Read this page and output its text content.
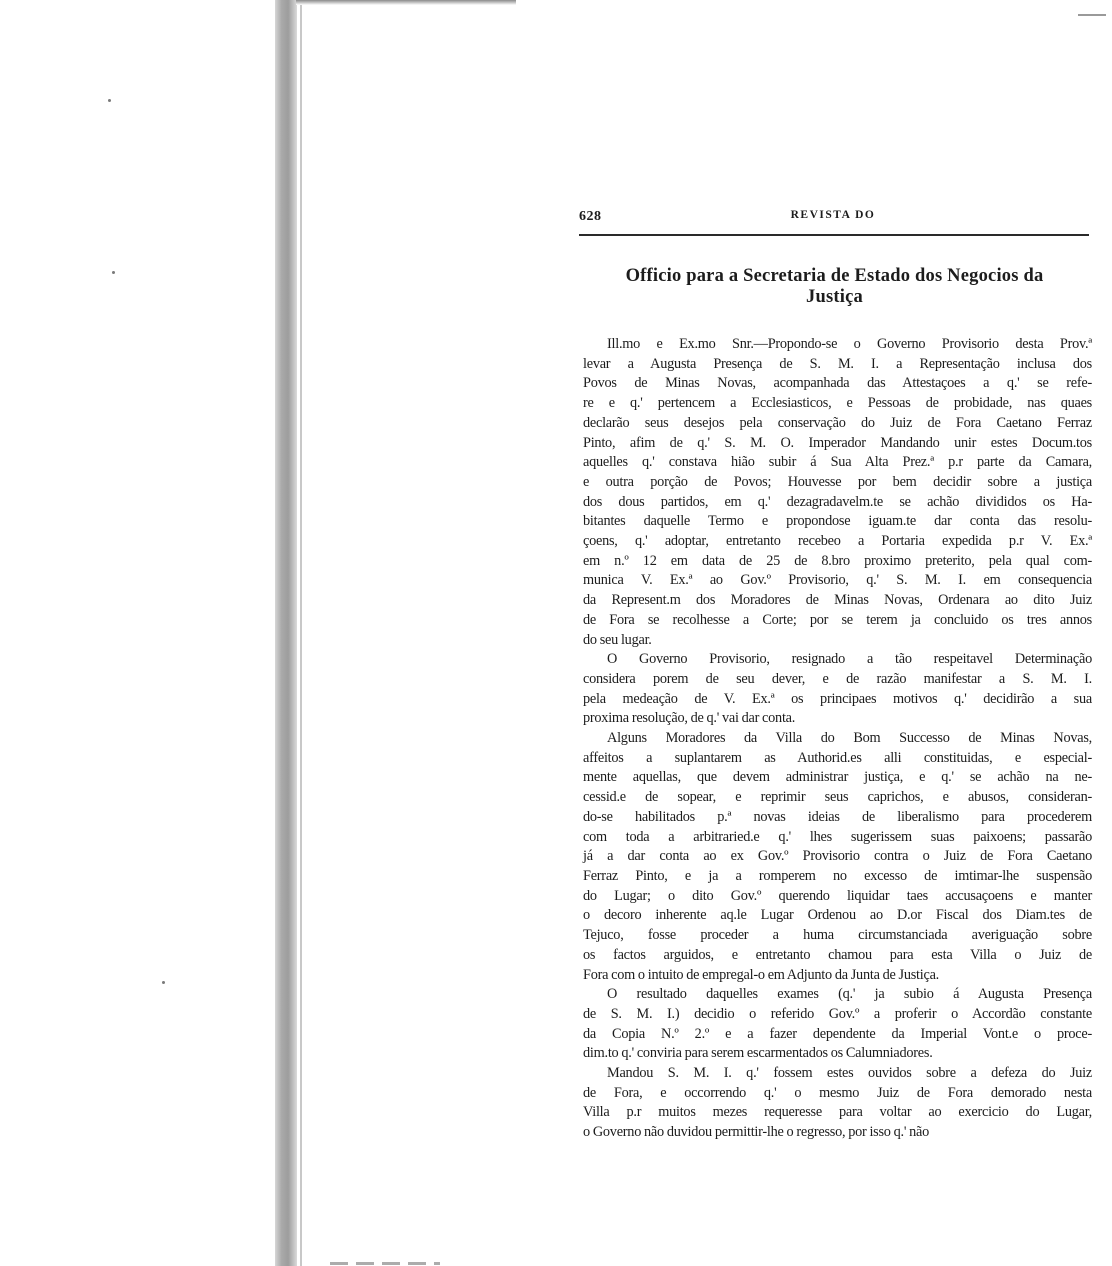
628	REVISTA DO
Officio para a Secretaria de Estado dos Negocios da
Justiça

Ill.mo e Ex.mo Snr.—Propondo-se o Governo Provisorio desta Prov.ª
levar a Augusta Presença de S. M. I. a Representação inclusa dos
Povos de Minas Novas, acompanhada das Attestaçoes a q.' se refe-
re e q.' pertencem a Ecclesiasticos, e Pessoas de probidade, nas quaes
declarão seus desejos pela conservação do Juiz de Fora Caetano Ferraz
Pinto, afim de q.' S. M. O. Imperador Mandando unir estes Docum.tos
aquelles q.' constava hião subir á Sua Alta Prez.ª p.r parte da Camara,
e outra porção de Povos; Houvesse por bem decidir sobre a justiça
dos dous partidos, em q.' dezagradavelm.te se achão divididos os Ha-
bitantes daquelle Termo e propondose iguam.te dar conta das resolu-
çoens, q.' adoptar, entretanto recebeo a Portaria expedida p.r V. Ex.ª
em n.º 12 em data de 25 de 8.bro proximo preterito, pela qual com-
munica V. Ex.ª ao Gov.º Provisorio, q.' S. M. I. em consequencia
da Represent.m dos Moradores de Minas Novas, Ordenara ao dito Juiz
de Fora se recolhesse a Corte; por se terem ja concluido os tres annos
do seu lugar.

O Governo Provisorio, resignado a tão respeitavel Determinação
considera porem de seu dever, e de razão manifestar a S. M. I.
pela medeação de V. Ex.ª os principaes motivos q.' decidirão a sua
proxima resolução, de q.' vai dar conta.

Alguns Moradores da Villa do Bom Successo de Minas Novas,
affeitos a suplantarem as Authorid.es alli constituidas, e especial-
mente aquellas, que devem administrar justiça, e q.' se achão na ne-
cessid.e de sopear, e reprimir seus caprichos, e abusos, consideran-
do-se habilitados p.ª novas ideias de liberalismo para procederem
com toda a arbitraried.e q.' lhes sugerissem suas paixoens; passarão
já a dar conta ao ex Gov.º Provisorio contra o Juiz de Fora Caetano
Ferraz Pinto, e ja a romperem no excesso de imtimar-lhe suspensão
do Lugar; o dito Gov.º querendo liquidar taes accusaçoens e manter
o decoro inherente aq.le Lugar Ordenou ao D.or Fiscal dos Diam.tes de
Tejuco, fosse proceder a huma circumstanciada averiguação sobre
os factos arguidos, e entretanto chamou para esta Villa o Juiz de
Fora com o intuito de empregal-o em Adjunto da Junta de Justiça.

O resultado daquelles exames (q.' ja subio á Augusta Presença
de S. M. I.) decidio o referido Gov.º a proferir o Accordão constante
da Copia N.º 2.º e a fazer dependente da Imperial Vont.e o proce-
dim.to q.' conviria para serem escarmentados os Calumniadores.

Mandou S. M. I. q.' fossem estes ouvidos sobre a defeza do Juiz
de Fora, e occorrendo q.' o mesmo Juiz de Fora demorado nesta
Villa p.r muitos mezes requeresse para voltar ao exercicio do Lugar,
o Governo não duvidou permittir-lhe o regresso, por isso q.' não
